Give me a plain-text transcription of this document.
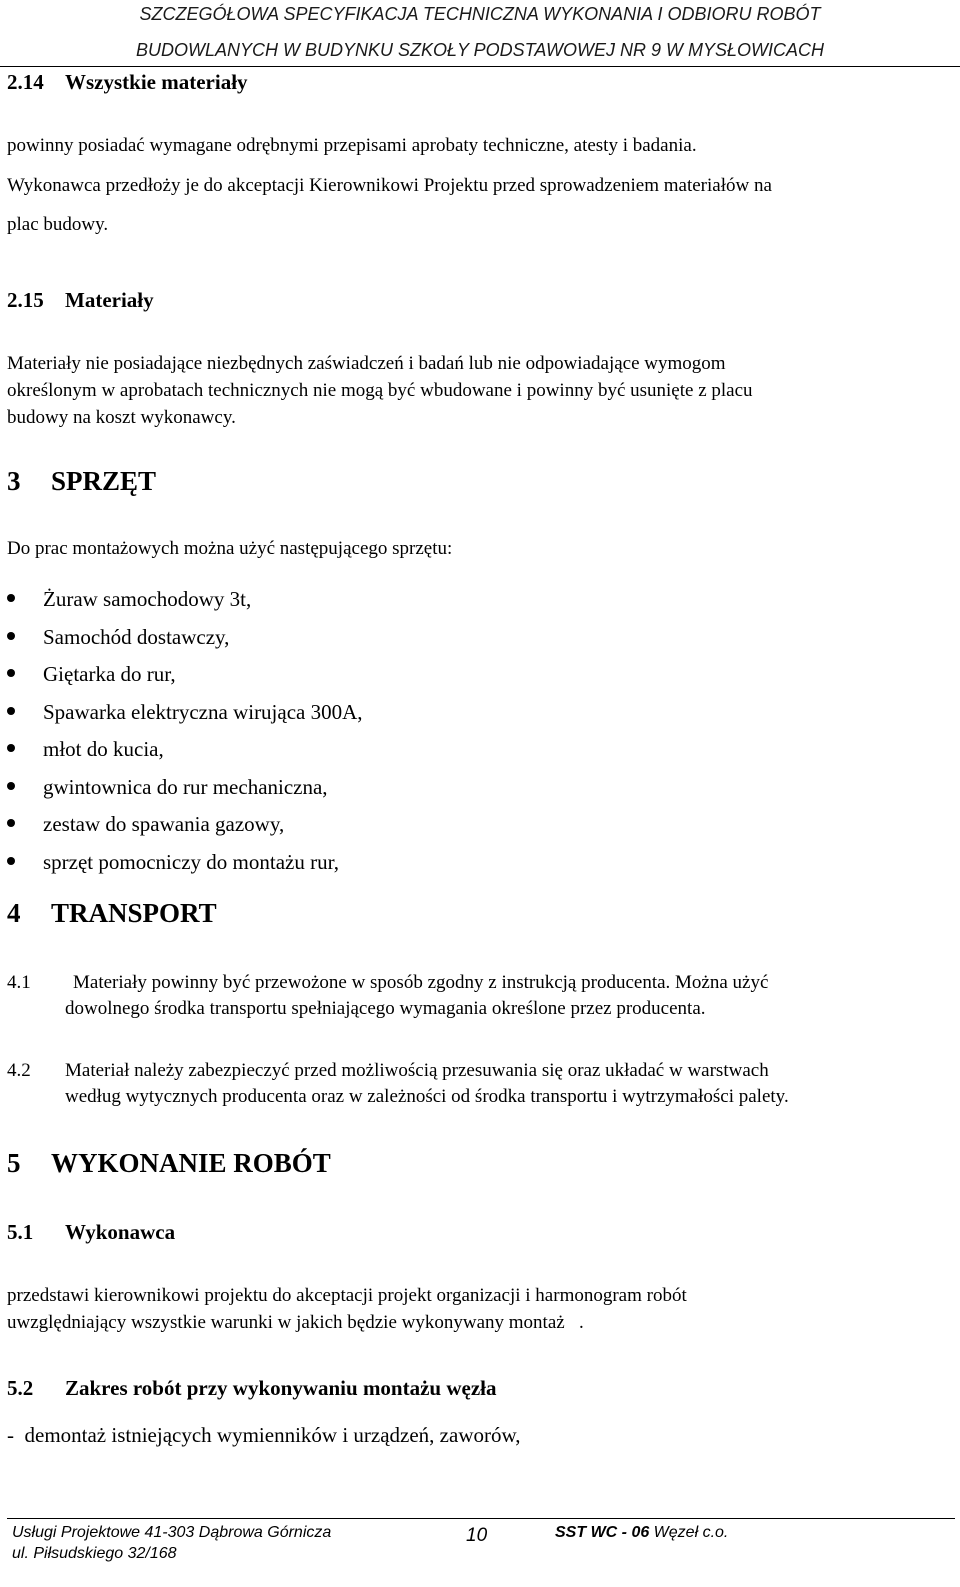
SZCZEGÓŁOWA SPECYFIKACJA TECHNICZNA WYKONANIA I ODBIORU ROBÓT
BUDOWLANYCH W BUDYNKU SZKOŁY PODSTAWOWEJ NR 9 W MYSŁOWICACH
2.14 Wszystkie materiały
powinny posiadać wymagane odrębnymi przepisami aprobaty techniczne, atesty i badania.
Wykonawca przedłoży je do akceptacji Kierownikowi Projektu przed sprowadzeniem materiałów na
plac budowy.
2.15 Materiały
Materiały nie posiadające niezbędnych zaświadczeń i badań lub nie odpowiadające wymogom
określonym w aprobatach technicznych nie mogą być wbudowane i powinny być usunięte z placu
budowy na koszt wykonawcy.
3 SPRZĘT
Do prac montażowych można użyć następującego sprzętu:
Żuraw samochodowy 3t,
Samochód dostawczy,
Giętarka do rur,
Spawarka elektryczna wirująca 300A,
młot do kucia,
gwintownica do rur mechaniczna,
zestaw do spawania gazowy,
sprzęt pomocniczy do montażu rur,
4 TRANSPORT
4.1 Materiały powinny być przewożone w sposób zgodny z instrukcją producenta. Można użyć
dowolnego środka transportu spełniającego wymagania określone przez producenta.
4.2 Materiał należy zabezpieczyć przed możliwością przesuwania się oraz układać w warstwach
według wytycznych producenta oraz w zależności od środka transportu i wytrzymałości palety.
5 WYKONANIE ROBÓT
5.1 Wykonawca
przedstawi kierownikowi projektu do akceptacji projekt organizacji i harmonogram robót
uwzględniający wszystkie warunki w jakich będzie wykonywany montaż   .
5.2 Zakres robót przy wykonywaniu montażu węzła
-  demontaż istniejących wymienników i urządzeń, zaworów,
Usługi Projektowe 41-303 Dąbrowa Górnicza
ul. Piłsudskiego 32/168
10	SST WC - 06 Węzeł c.o.
